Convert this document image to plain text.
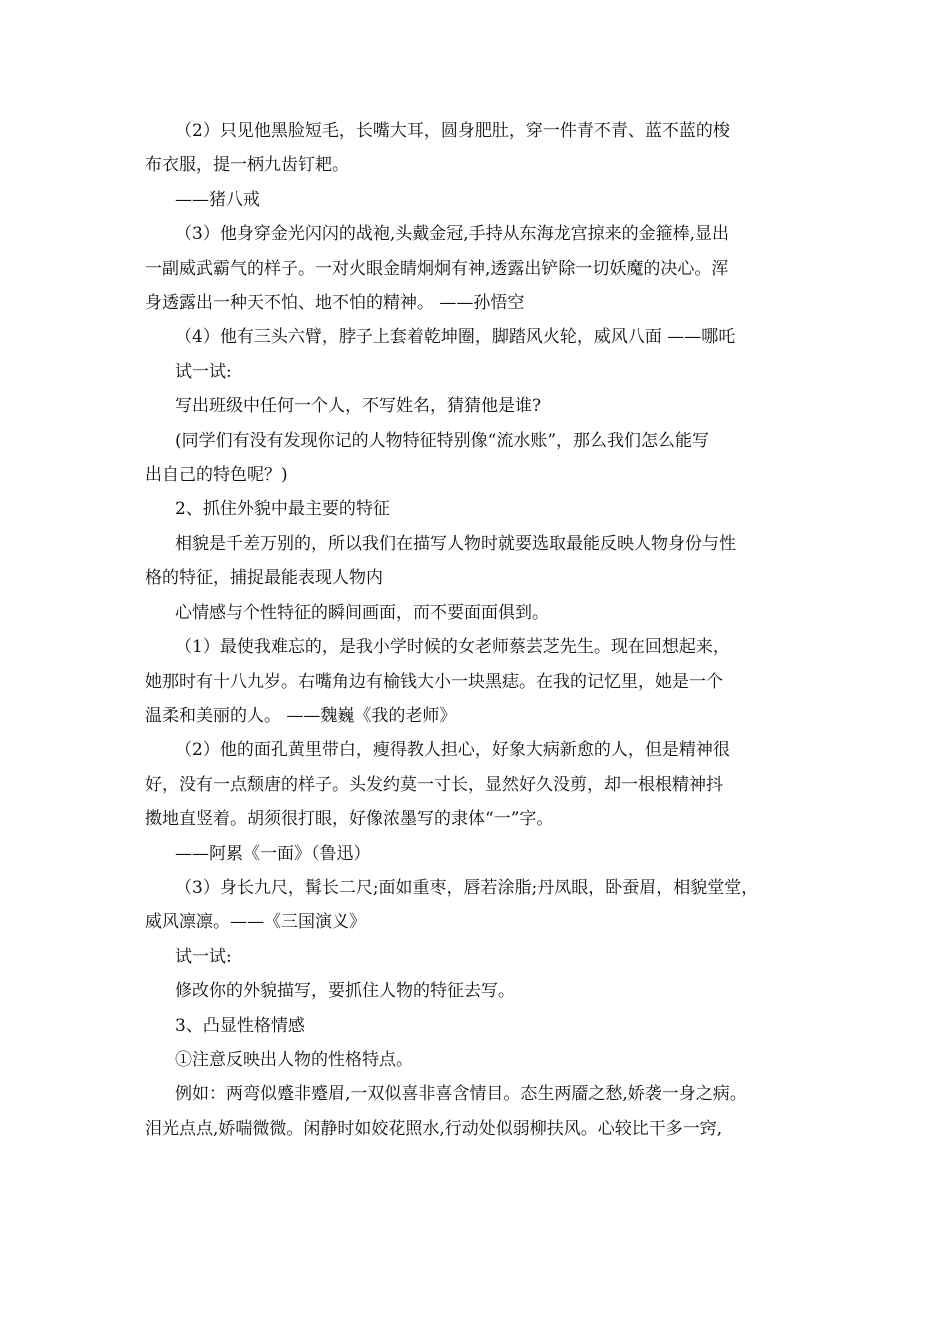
（2）只见他黑脸短毛，长嘴大耳，圆身肥肚，穿一件青不青、蓝不蓝的梭
布衣服，提一柄九齿钉耙。
——猪八戒
（3）他身穿金光闪闪的战袍,头戴金冠,手持从东海龙宫掠来的金箍棒,显出
一副威武霸气的样子。一对火眼金睛炯炯有神,透露出铲除一切妖魔的决心。浑
身透露出一种天不怕、地不怕的精神。 ——孙悟空
（4）他有三头六臂，脖子上套着乾坤圈，脚踏风火轮，威风八面 ——哪吒
试一试:
写出班级中任何一个人，不写姓名，猜猜他是谁?
(同学们有没有发现你记的人物特征特别像“流水账”，那么我们怎么能写
出自己的特色呢？)
2、抓住外貌中最主要的特征
相貌是千差万别的，所以我们在描写人物时就要选取最能反映人物身份与性
格的特征，捕捉最能表现人物内
心情感与个性特征的瞬间画面，而不要面面俱到。
（1）最使我难忘的，是我小学时候的女老师蔡芸芝先生。现在回想起来，
她那时有十八九岁。右嘴角边有榆钱大小一块黑痣。在我的记忆里，她是一个
温柔和美丽的人。 ——魏巍《我的老师》
（2）他的面孔黄里带白，瘦得教人担心，好象大病新愈的人，但是精神很
好，没有一点颓唐的样子。头发约莫一寸长，显然好久没剪，却一根根精神抖
擞地直竖着。胡须很打眼，好像浓墨写的隶体“一”字。
——阿累《一面》（鲁迅）
（3）身长九尺，髯长二尺;面如重枣，唇若涂脂;丹凤眼，卧蚕眉，相貌堂堂，
威风凛凛。——《三国演义》
试一试:
修改你的外貌描写，要抓住人物的特征去写。
3、凸显性格情感
①注意反映出人物的性格特点。
例如：两弯似蹙非蹙眉,一双似喜非喜含情目。态生两靥之愁,娇袭一身之病。
泪光点点,娇喘微微。闲静时如姣花照水,行动处似弱柳扶风。心较比干多一窍,
